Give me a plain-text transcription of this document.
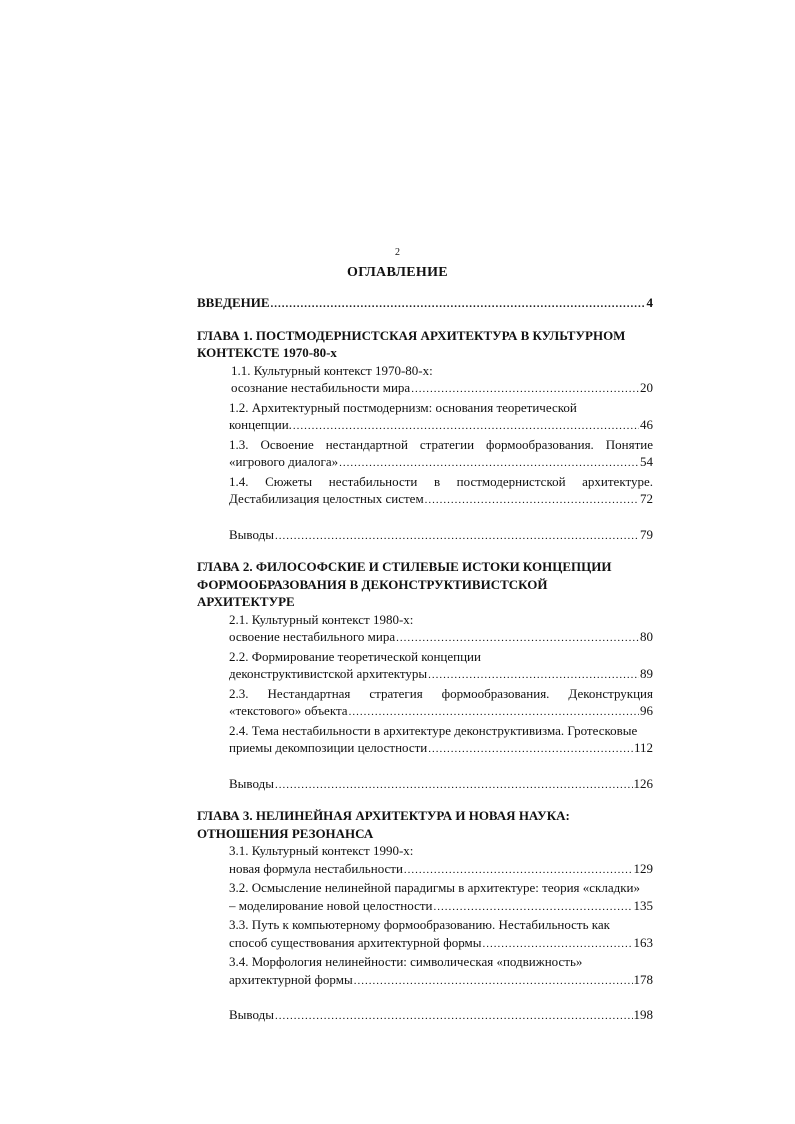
2
ОГЛАВЛЕНИЕ
ВВЕДЕНИЕ .....	4
ГЛАВА 1. ПОСТМОДЕРНИСТСКАЯ АРХИТЕКТУРА В КУЛЬТУРНОМ
КОНТЕКСТЕ 1970-80-х
1.1. Культурный контекст 1970-80-х:
осознание нестабильности мира .....	20
1.2. Архитектурный постмодернизм: основания теоретической
концепции. .....	46
1.3. Освоение нестандартной стратегии формообразования. Понятие
«игрового диалога» .....	54
1.4. Сюжеты нестабильности в постмодернистской архитектуре.
Дестабилизация целостных систем .....	72
Выводы .....	79
ГЛАВА 2. ФИЛОСОФСКИЕ И СТИЛЕВЫЕ ИСТОКИ КОНЦЕПЦИИ
ФОРМООБРАЗОВАНИЯ В ДЕКОНСТРУКТИВИСТСКОЙ
АРХИТЕКТУРЕ
2.1. Культурный контекст 1980-х:
освоение нестабильного мира .....	80
2.2. Формирование теоретической концепции
деконструктивистской архитектуры .....	89
2.3. Нестандартная стратегия формообразования. Деконструкция
«текстового» объекта .....	96
2.4. Тема нестабильности в архитектуре деконструктивизма. Гротесковые
приемы декомпозиции целостности .....	112
Выводы .....	126
ГЛАВА 3. НЕЛИНЕЙНАЯ АРХИТЕКТУРА И НОВАЯ НАУКА:
ОТНОШЕНИЯ РЕЗОНАНСА
3.1. Культурный контекст 1990-х:
новая формула нестабильности .....	129
3.2. Осмысление нелинейной парадигмы в архитектуре: теория «складки»
– моделирование новой целостности .....	135
3.3. Путь к компьютерному формообразованию. Нестабильность как
способ существования архитектурной формы .....	163
3.4. Морфология нелинейности: символическая «подвижность»
архитектурной формы .....	178
Выводы .....	198
